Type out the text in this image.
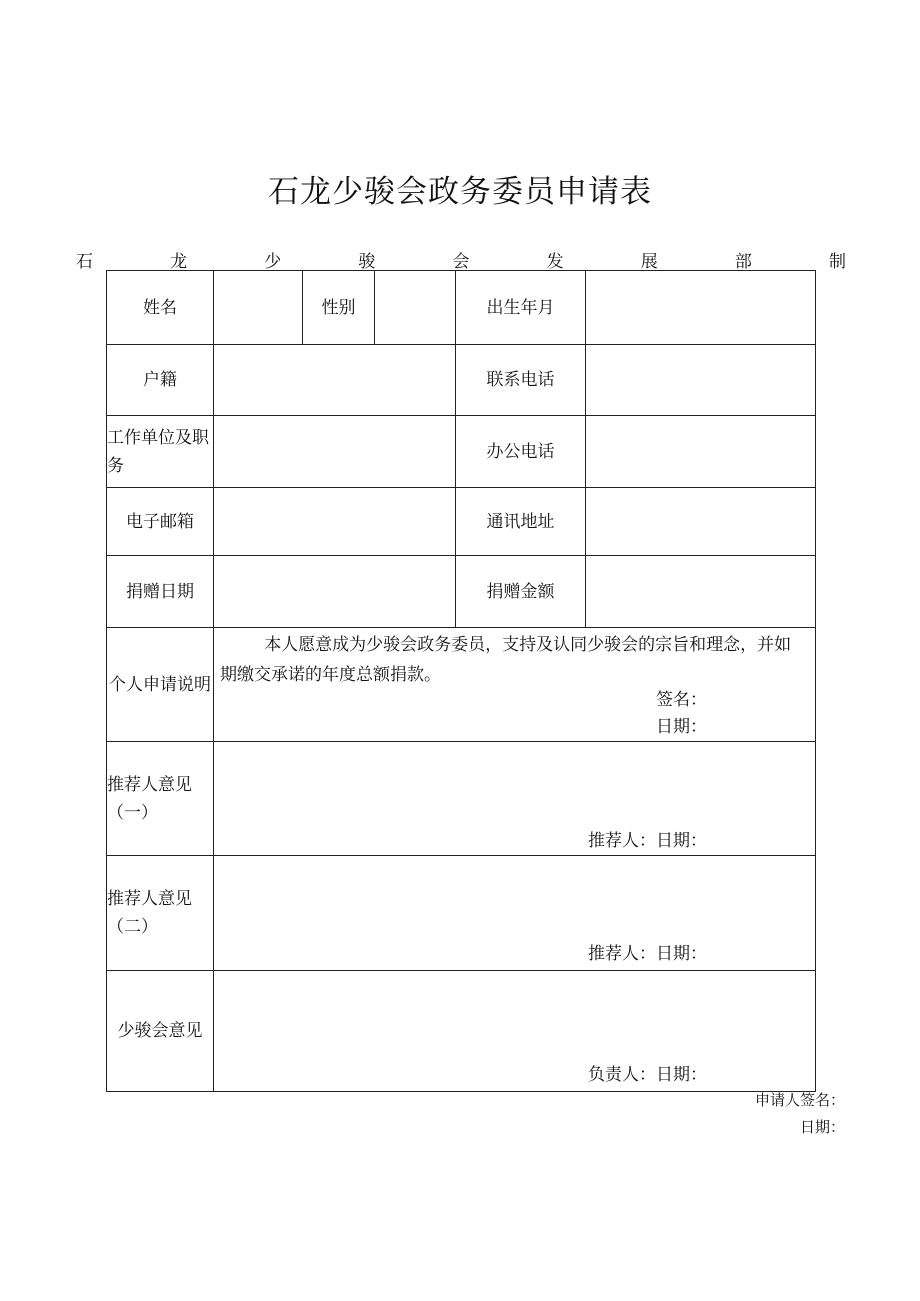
石龙少骏会政务委员申请表
石	龙	少	骏	会	发	展	部	制
姓名		性别		出生年月	
户籍				联系电话	
工作单位及职务				办公电话	
电子邮箱				通讯地址	
捐赠日期				捐赠金额	
个人申请说明	本人愿意成为少骏会政务委员，支持及认同少骏会的宗旨和理念，并如期缴交承诺的年度总额捐款。
签名：
日期：				

推荐人意见（一）	推荐人：日期：				

推荐人意见（二）	推荐人：日期：				

少骏会意见	负责人：日期：				
申请人签名：
日期：
